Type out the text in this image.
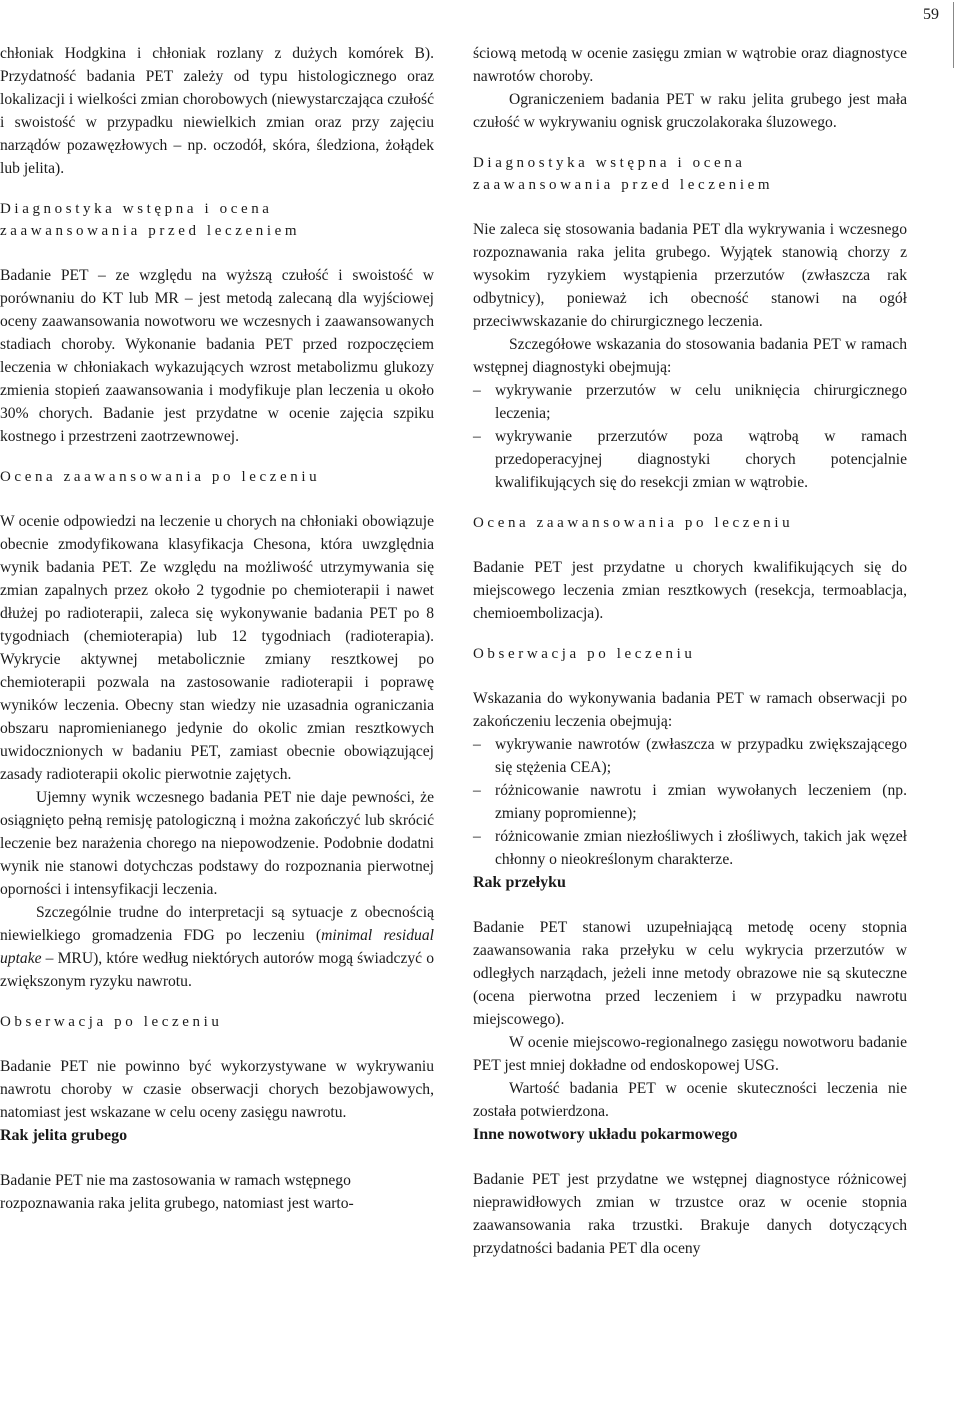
59

chłoniak Hodgkina i chłoniak rozlany z dużych komórek B). Przydatność badania PET zależy od typu histologicznego oraz lokalizacji i wielkości zmian chorobowych (niewystarczająca czułość i swoistość w przypadku niewielkich zmian oraz przy zajęciu narządów pozawęzłowych – np. oczodół, skóra, śledziona, żołądek lub jelita).

Diagnostyka wstępna i ocena
zaawansowania przed leczeniem

Badanie PET – ze względu na wyższą czułość i swoistość w porównaniu do KT lub MR – jest metodą zalecaną dla wyjściowej oceny zaawansowania nowotworu we wczesnych i zaawansowanych stadiach choroby. Wykonanie badania PET przed rozpoczęciem leczenia w chłoniakach wykazujących wzrost metabolizmu glukozy zmienia stopień zaawansowania i modyfikuje plan leczenia u około 30% chorych. Badanie jest przydatne w ocenie zajęcia szpiku kostnego i przestrzeni zaotrzewnowej.

Ocena zaawansowania po leczeniu

W ocenie odpowiedzi na leczenie u chorych na chłoniaki obowiązuje obecnie zmodyfikowana klasyfikacja Chesona, która uwzględnia wynik badania PET. Ze względu na możliwość utrzymywania się zmian zapalnych przez około 2 tygodnie po chemioterapii i nawet dłużej po radioterapii, zaleca się wykonywanie badania PET po 8 tygodniach (chemioterapia) lub 12 tygodniach (radioterapia). Wykrycie aktywnej metabolicznie zmiany resztkowej po chemioterapii pozwala na zastosowanie radioterapii i poprawę wyników leczenia. Obecny stan wiedzy nie uzasadnia ograniczania obszaru napromienianego jedynie do okolic zmian resztkowych uwidocznionych w badaniu PET, zamiast obecnie obowiązującej zasady radioterapii okolic pierwotnie zajętych.

Ujemny wynik wczesnego badania PET nie daje pewności, że osiągnięto pełną remisję patologiczną i można zakończyć lub skrócić leczenie bez narażenia chorego na niepowodzenie. Podobnie dodatni wynik nie stanowi dotychczas podstawy do rozpoznania pierwotnej oporności i intensyfikacji leczenia.

Szczególnie trudne do interpretacji są sytuacje z obecnością niewielkiego gromadzenia FDG po leczeniu (minimal residual uptake – MRU), które według niektórych autorów mogą świadczyć o zwiększonym ryzyku nawrotu.

Obserwacja po leczeniu

Badanie PET nie powinno być wykorzystywane w wykrywaniu nawrotu choroby w czasie obserwacji chorych bezobjawowych, natomiast jest wskazane w celu oceny zasięgu nawrotu.

Rak jelita grubego

Badanie PET nie ma zastosowania w ramach wstępnego rozpoznawania raka jelita grubego, natomiast jest warto-

ściową metodą w ocenie zasięgu zmian w wątrobie oraz diagnostyce nawrotów choroby.

Ograniczeniem badania PET w raku jelita grubego jest mała czułość w wykrywaniu ognisk gruczolakoraka śluzowego.

Diagnostyka wstępna i ocena
zaawansowania przed leczeniem

Nie zaleca się stosowania badania PET dla wykrywania i wczesnego rozpoznawania raka jelita grubego. Wyjątek stanowią chorzy z wysokim ryzykiem wystąpienia przerzutów (zwłaszcza rak odbytnicy), ponieważ ich obecność stanowi na ogół przeciwwskazanie do chirurgicznego leczenia.

Szczegółowe wskazania do stosowania badania PET w ramach wstępnej diagnostyki obejmują:

– wykrywanie przerzutów w celu uniknięcia chirurgicznego leczenia;
– wykrywanie przerzutów poza wątrobą w ramach przedoperacyjnej diagnostyki chorych potencjalnie kwalifikujących się do resekcji zmian w wątrobie.
Ocena zaawansowania po leczeniu

Badanie PET jest przydatne u chorych kwalifikujących się do miejscowego leczenia zmian resztkowych (resekcja, termoablacja, chemioembolizacja).

Obserwacja po leczeniu

Wskazania do wykonywania badania PET w ramach obserwacji po zakończeniu leczenia obejmują:

– wykrywanie nawrotów (zwłaszcza w przypadku zwiększającego się stężenia CEA);
– różnicowanie nawrotu i zmian wywołanych leczeniem (np. zmiany popromienne);
– różnicowanie zmian niezłośliwych i złośliwych, takich jak węzeł chłonny o nieokreślonym charakterze.
Rak przełyku

Badanie PET stanowi uzupełniającą metodę oceny stopnia zaawansowania raka przełyku w celu wykrycia przerzutów w odległych narządach, jeżeli inne metody obrazowe nie są skuteczne (ocena pierwotna przed leczeniem i w przypadku nawrotu miejscowego).

W ocenie miejscowo-regionalnego zasięgu nowotworu badanie PET jest mniej dokładne od endoskopowej USG.

Wartość badania PET w ocenie skuteczności leczenia nie została potwierdzona.

Inne nowotwory układu pokarmowego

Badanie PET jest przydatne we wstępnej diagnostyce różnicowej nieprawidłowych zmian w trzustce oraz w ocenie stopnia zaawansowania raka trzustki. Brakuje danych dotyczących przydatności badania PET dla oceny
